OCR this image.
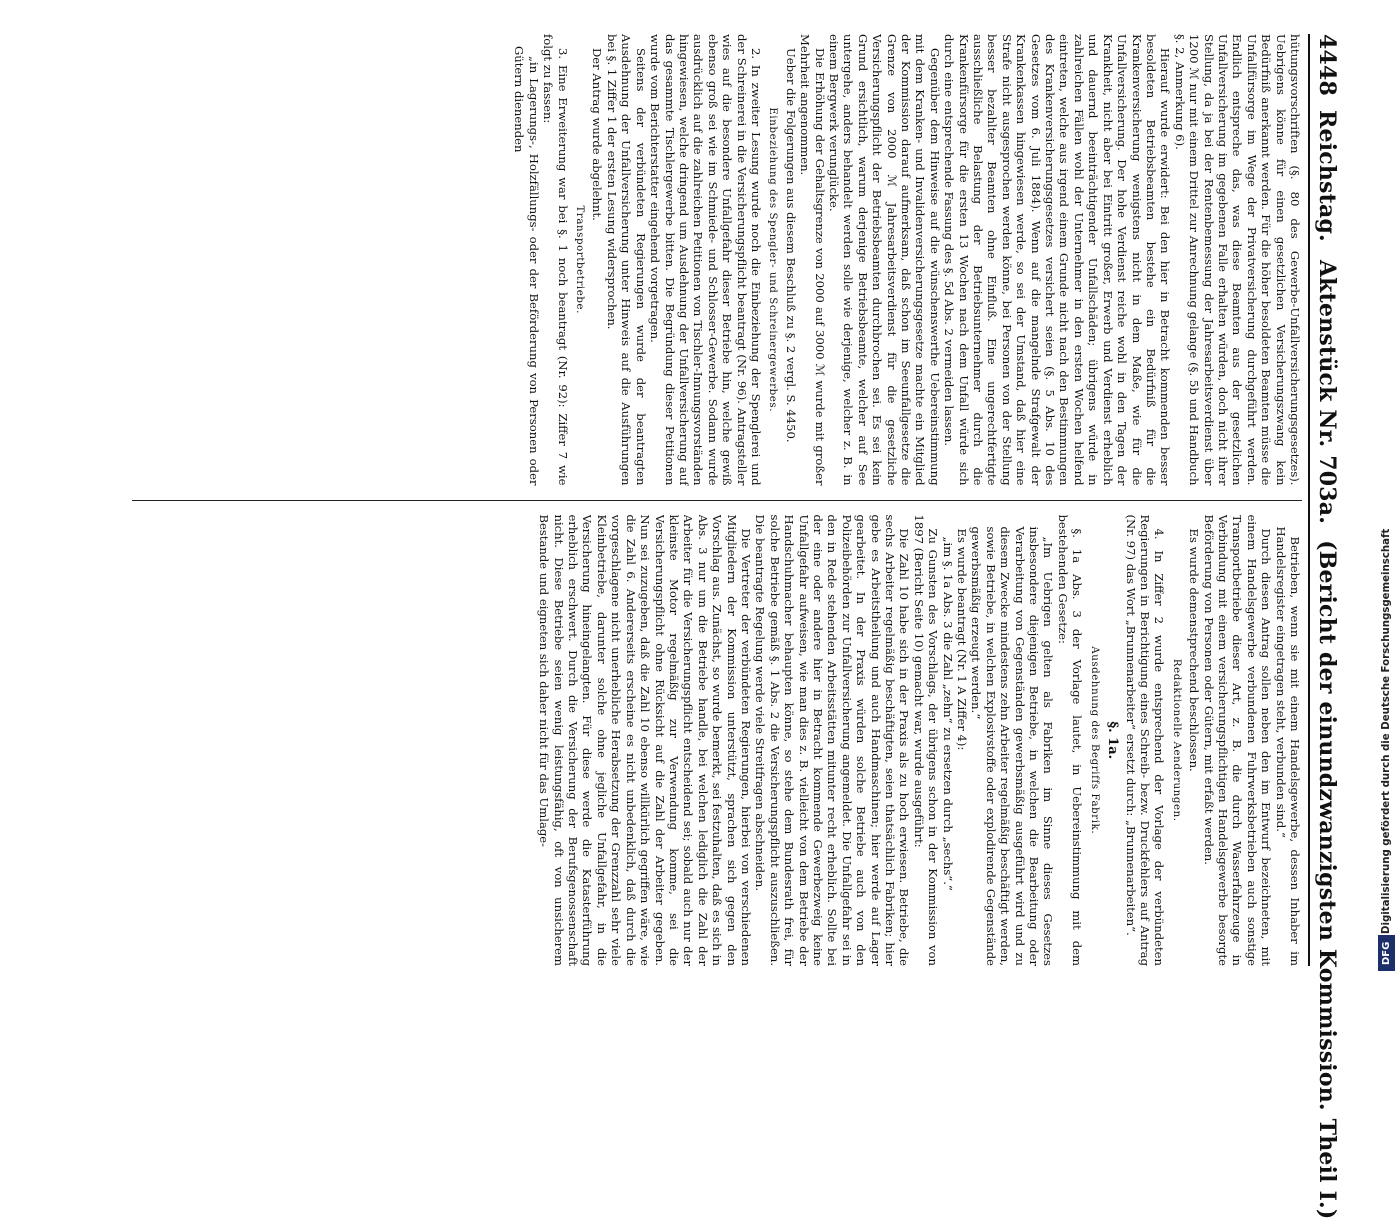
4448
Reichstag.
Aktenstück Nr. 703a.
(Bericht der einundzwanzigsten Kommission. Theil I.)

hütungsvorschriften (§. 80 des Gewerbe-Unfallversicherungsgesetzes). Uebrigens könne für einen gesetzlichen Versicherungszwang kein Bedürfniß anerkannt werden. Für die höher besoldeten Beamten müsse die Unfallfürsorge im Wege der Privatversicherung durchgeführt werden. Endlich entspreche das, was diese Beamten aus der gesetzlichen Unfallversicherung im gegebenen Falle erhalten würden, doch nicht ihrer Stellung, da ja bei der Rentenbemessung der Jahresarbeitsverdienst über 1200 ℳ nur mit einem Drittel zur Anrechnung gelange (§. 5b und Handbuch §. 2, Anmerkung 6).

Hierauf wurde erwidert: Bei den hier in Betracht kommenden besser besoldeten Betriebsbeamten bestehe ein Bedürfniß für die Krankenversicherung wenigstens nicht in dem Maße, wie für die Unfallversicherung. Der hohe Verdienst reiche wohl in den Tagen der Krankheit, nicht aber bei Eintritt großer, Erwerb und Verdienst erheblich und dauernd beeinträchtigender Unfallschäden; übrigens würde in zahlreichen Fällen wohl der Unternehmer in den ersten Wochen helfend eintreten, welche aus irgend einem Grunde nicht nach den Bestimmungen des Krankenversicherungsgesetzes versichert seien (§. 5 Abs. 10 des Gesetzes vom 6. Juli 1884). Wenn auf die mangelnde Strafgewalt der Krankenkassen hingewiesen werde, so sei der Umstand, daß hier eine Strafe nicht ausgesprochen werden könne, bei Personen von der Stellung besser bezahlter Beamten ohne Einfluß. Eine ungerechtfertigte ausschließliche Belastung der Betriebsunternehmer durch die Krankenfürsorge für die ersten 13 Wochen nach dem Unfall würde sich durch eine entsprechende Fassung des §. 5d Abs. 2 vermeiden lassen.

Gegenüber dem Hinweise auf die wünschenswerthe Uebereinstimmung mit dem Kranken- und Invalidenversicherungsgesetze machte ein Mitglied der Kommission darauf aufmerksam, daß schon im Seeunfallgesetze die Grenze von 2000 ℳ Jahresarbeitsverdienst für die gesetzliche Versicherungspflicht der Betriebsbeamten durchbrochen sei. Es sei kein Grund ersichtlich, warum derjenige Betriebsbeamte, welcher auf See untergehe, anders behandelt werden solle wie derjenige, welcher z. B. in einem Bergwerk verunglücke.

Die Erhöhung der Gehaltsgrenze von 2000 auf 3000 ℳ wurde mit großer Mehrheit angenommen.

Ueber die Folgerungen aus diesem Beschluß zu §. 2 vergl. S. 4450.

Einbeziehung des Spengler- und Schreinergewerbes.

2. In zweiter Lesung wurde noch die Einbeziehung der Spenglerei und der Schreinerei in die Versicherungspflicht beantragt (Nr. 96). Antragsteller wies auf die besondere Unfallgefahr dieser Betriebe hin, welche gewiß ebenso groß sei wie im Schmiede- und Schlosser-Gewerbe. Sodann wurde ausdrücklich auf die zahlreichen Petitionen von Tischler-Innungsvorständen hingewiesen, welche dringend um Ausdehnung der Unfallversicherung auf das gesammte Tischlergewerbe bitten. Die Begründung dieser Petitionen wurde vom Berichterstatter eingehend vorgetragen.

Seitens der verbündeten Regierungen wurde der beantragten Ausdehnung der Unfallversicherung unter Hinweis auf die Ausführungen bei §. 1 Ziffer 1 der ersten Lesung widersprochen.

Der Antrag wurde abgelehnt.

Transportbetriebe.

3. Eine Erweiterung war bei §. 1 noch beantragt (Nr. 92): Ziffer 7 wie folgt zu fassen:

„in Lagerungs-, Holzfällungs- oder der Beförderung von Personen oder Gütern dienenden

Betrieben, wenn sie mit einem Handelsgewerbe, dessen Inhaber im Handelsregister eingetragen steht, verbunden sind.“

Durch diesen Antrag sollen neben den im Entwurf bezeichneten, mit einem Handelsgewerbe verbundenen Fuhrwerksbetrieben auch sonstige Transportbetriebe dieser Art, z. B. die durch Wasserfahrzeuge in Verbindung mit einem versicherungspflichtigen Handelsgewerbe besorgte Beförderung von Personen oder Gütern, mit erfaßt werden.

Es wurde demenstprechend beschlossen.

Redaktionelle Aenderungen.

4. In Ziffer 2 wurde entsprechend der Vorlage der verbündeten Regierungen in Berichtigung eines Schreib- bezw. Druckfehlers auf Antrag (Nr. 97) das Wort „Brunnenarbeiter“ ersetzt durch: „Brunnenarbeiten“.

§. 1a.

Ausdehnung des Begriffs Fabrik.

§. 1a Abs. 3 der Vorlage lautet, in Uebereinstimmung mit dem bestehenden Gesetze:

„Im Uebrigen gelten als Fabriken im Sinne dieses Gesetzes insbesondere diejenigen Betriebe, in welchen die Bearbeitung oder Verarbeitung von Gegenständen gewerbsmäßig ausgeführt wird und zu diesem Zwecke mindestens zehn Arbeiter regelmäßig beschäftigt werden, sowie Betriebe, in welchen Explosivstoffe oder explodirende Gegenstände gewerbsmäßig erzeugt werden.“

Es wurde beantragt (Nr. 1 A Ziffer 4):

„im §. 1a Abs. 3 die Zahl „zehn“ zu ersetzen durch „sechs“.“

Zu Gunsten des Vorschlags, der übrigens schon in der Kommission von 1897 (Bericht Seite 10) gemacht war, wurde ausgeführt:

Die Zahl 10 habe sich in der Praxis als zu hoch erwiesen. Betriebe, die sechs Arbeiter regelmäßig beschäftigten, seien thatsächlich Fabriken; hier gebe es Arbeitstheilung und auch Handmaschinen; hier werde auf Lager gearbeitet. In der Praxis würden solche Betriebe auch von den Polizeibehörden zur Unfallversicherung angemeldet. Die Unfallgefahr sei in den in Rede stehenden Arbeitsstätten mitunter recht erheblich. Sollte bei der eine oder andere hier in Betracht kommende Gewerbezweig keine Unfallgefahr aufweisen, wie man dies z. B. vielleicht von dem Betriebe der Handschuhmacher behaupten könne, so stehe dem Bundesrath frei, für solche Betriebe gemäß §. 1 Abs. 2 die Versicherungspflicht auszuschließen. Die beantragte Regelung werde viele Streitfragen abschneiden.

Die Vertreter der verbündeten Regierungen, hierbei von verschiedenen Mitgliedern der Kommission unterstützt, sprachen sich gegen den Vorschlag aus. Zunächst, so wurde bemerkt, sei festzuhalten, daß es sich in Abs. 3 nur um die Betriebe handle, bei welchen lediglich die Zahl der Arbeiter für die Versicherungspflicht entscheidend sei; sobald auch nur der kleinste Motor regelmäßig zur Verwendung komme, sei die Versicherungspflicht ohne Rücksicht auf die Zahl der Arbeiter gegeben. Nun sei zuzugeben, daß die Zahl 10 ebenso willkürlich gegriffen wäre, wie die Zahl 6. Andererseits erscheine es nicht unbedenklich, daß durch die vorgeschlagene nicht unerhebliche Herabsetzung der Grenzzahl sehr viele Kleinbetriebe, darunter solche ohne jegliche Unfallgefahr, in die Versicherung hineingelangten. Für diese werde die Katasterführung erheblich erschwert. Durch die Versicherung der Berufsgenossenschaft nicht. Diese Betriebe seien wenig leistungsfähig, oft von unsicherem Bestande und eigneten sich daher nicht für das Umlage-	Digitalisierung gefördert durch die Deutsche Forschungsgemeinschaft
DFG
